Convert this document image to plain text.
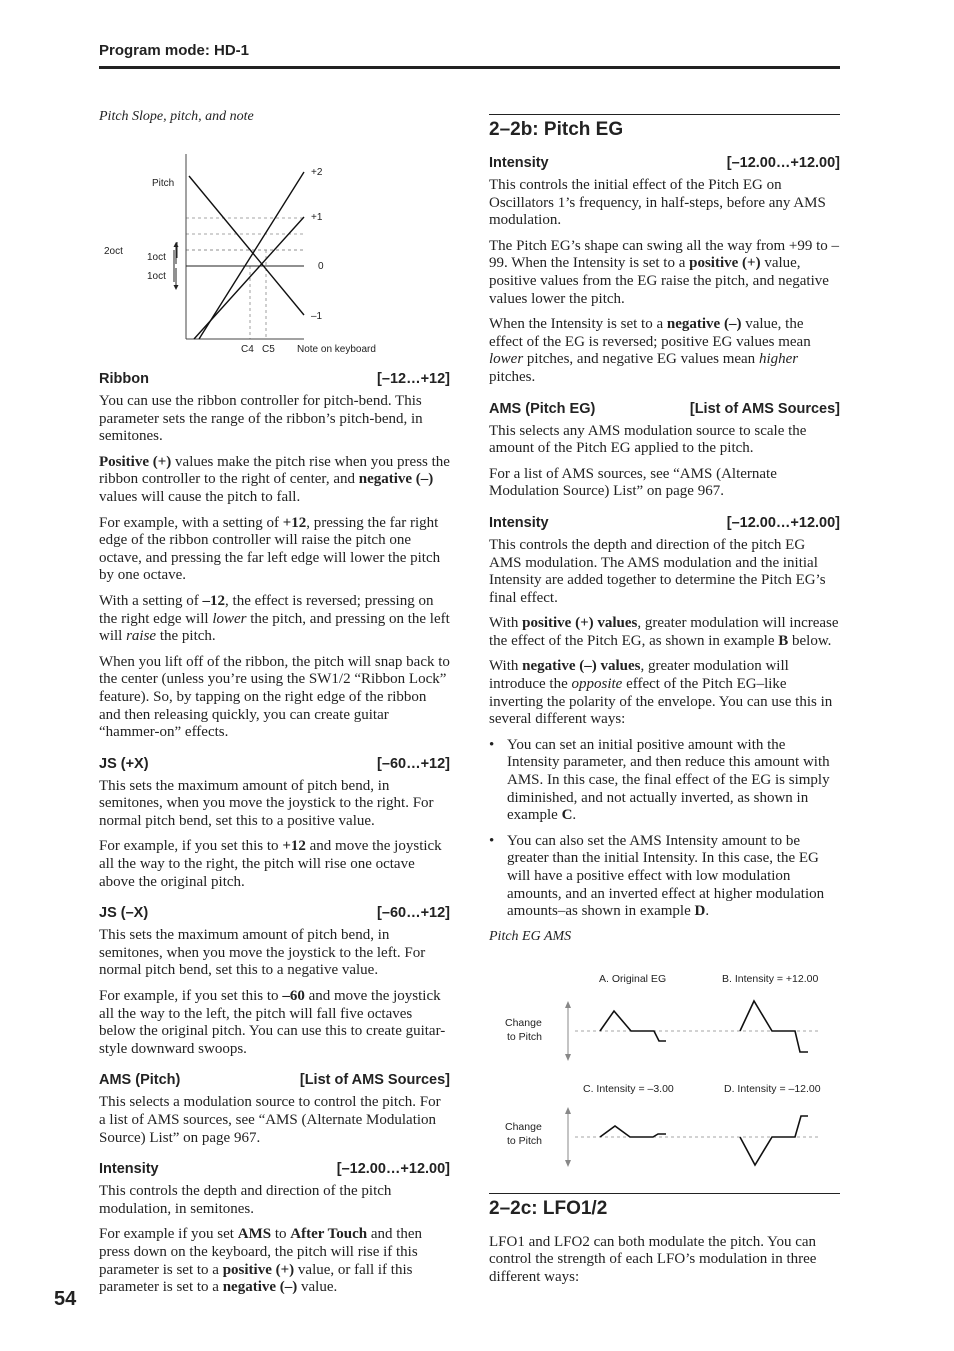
Program mode: HD-1
54
Pitch Slope, pitch, and note
Pitch
+2
+1
0
–1
2oct
1oct
1oct
C4 C5 Note on keyboard
Ribbon	[–12…+12]

You can use the ribbon controller for pitch-bend. This parameter sets the range of the ribbon’s pitch-bend, in semitones.

Positive (+) values make the pitch rise when you press the ribbon controller to the right of center, and negative (–) values will cause the pitch to fall.

For example, with a setting of +12, pressing the far right edge of the ribbon controller will raise the pitch one octave, and pressing the far left edge will lower the pitch by one octave.

With a setting of –12, the effect is reversed; pressing on the right edge will lower the pitch, and pressing on the left will raise the pitch.

When you lift off of the ribbon, the pitch will snap back to the center (unless you’re using the SW1/2 “Ribbon Lock” feature). So, by tapping on the right edge of the ribbon and then releasing quickly, you can create guitar “hammer-on” effects.

JS (+X)	[–60…+12]

This sets the maximum amount of pitch bend, in semitones, when you move the joystick to the right. For normal pitch bend, set this to a positive value.

For example, if you set this to +12 and move the joystick all the way to the right, the pitch will rise one octave above the original pitch.

JS (–X)	[–60…+12]

This sets the maximum amount of pitch bend, in semitones, when you move the joystick to the left. For normal pitch bend, set this to a negative value.

For example, if you set this to –60 and move the joystick all the way to the left, the pitch will fall five octaves below the original pitch. You can use this to create guitar-style downward swoops.

AMS (Pitch)	[List of AMS Sources]

This selects a modulation source to control the pitch. For a list of AMS sources, see “AMS (Alternate Modulation Source) List” on page 967.

Intensity	[–12.00…+12.00]

This controls the depth and direction of the pitch modulation, in semitones.

For example if you set AMS to After Touch and then press down on the keyboard, the pitch will rise if this parameter is set to a positive (+) value, or fall if this parameter is set to a negative (–) value.

2–2b: Pitch EG
Intensity	[–12.00…+12.00]

This controls the initial effect of the Pitch EG on Oscillators 1’s frequency, in half-steps, before any AMS modulation.

The Pitch EG’s shape can swing all the way from +99 to –99. When the Intensity is set to a positive (+) value, positive values from the EG raise the pitch, and negative values lower the pitch.

When the Intensity is set to a negative (–) value, the effect of the EG is reversed; positive EG values mean lower pitches, and negative EG values mean higher pitches.

AMS (Pitch EG)	[List of AMS Sources]

This selects any AMS modulation source to scale the amount of the Pitch EG applied to the pitch.

For a list of AMS sources, see “AMS (Alternate Modulation Source) List” on page 967.

Intensity	[–12.00…+12.00]

This controls the depth and direction of the pitch EG AMS modulation. The AMS modulation and the initial Intensity are added together to determine the Pitch EG’s final effect.

With positive (+) values, greater modulation will increase the effect of the Pitch EG, as shown in example B below.

With negative (–) values, greater modulation will introduce the opposite effect of the Pitch EG–like inverting the polarity of the envelope. You can use this in several different ways:

• You can set an initial positive amount with the Intensity parameter, and then reduce this amount with AMS. In this case, the final effect of the EG is simply diminished, and not actually inverted, as shown in example C.

• You can also set the AMS Intensity amount to be greater than the initial Intensity. In this case, the EG will have a positive effect with low modulation amounts, and an inverted effect at higher modulation amounts–as shown in example D.

Pitch EG AMS
A. Original EG	B. Intensity = +12.00
Change
to Pitch
C. Intensity = –3.00	D. Intensity = –12.00
Change
to Pitch
2–2c: LFO1/2

LFO1 and LFO2 can both modulate the pitch. You can control the strength of each LFO’s modulation in three different ways:
